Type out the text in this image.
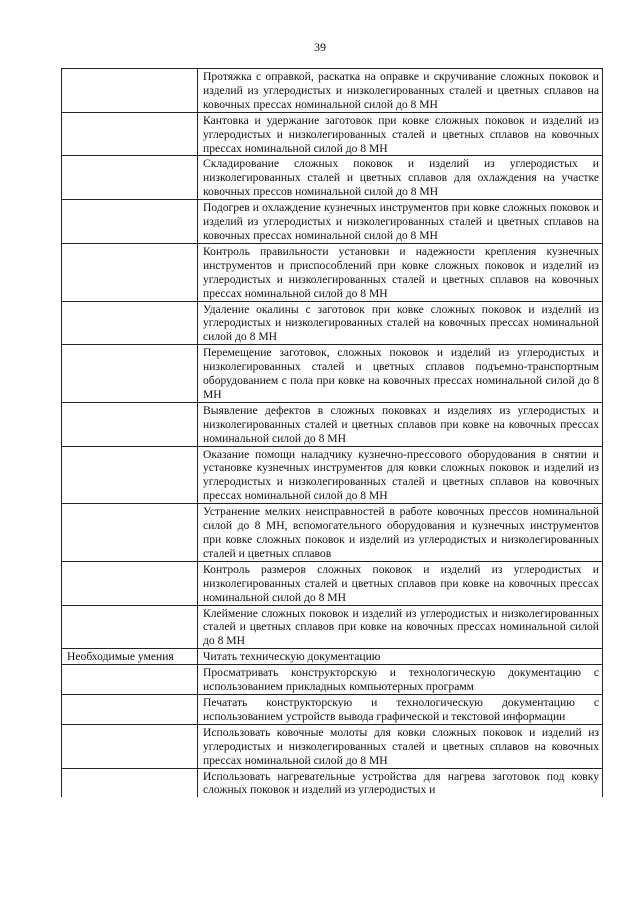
39
	Протяжка с оправкой, раскатка на оправке и скручивание сложных поковок и изделий из углеродистых и низколегированных сталей и цветных сплавов на ковочных прессах номинальной силой до 8 МН
	Кантовка и удержание заготовок при ковке сложных поковок и изделий из углеродистых и низколегированных сталей и цветных сплавов на ковочных прессах номинальной силой до 8 МН
	Складирование сложных поковок и изделий из углеродистых и низколегированных сталей и цветных сплавов для охлаждения на участке ковочных прессов номинальной силой до 8 МН
	Подогрев и охлаждение кузнечных инструментов при ковке сложных поковок и изделий из углеродистых и низколегированных сталей и цветных сплавов на ковочных прессах номинальной силой до 8 МН
	Контроль правильности установки и надежности крепления кузнечных инструментов и приспособлений при ковке сложных поковок и изделий из углеродистых и низколегированных сталей и цветных сплавов на ковочных прессах номинальной силой до 8 МН
	Удаление окалины с заготовок при ковке сложных поковок и изделий из углеродистых и низколегированных сталей на ковочных прессах номинальной силой до 8 МН
	Перемещение заготовок, сложных поковок и изделий из углеродистых и низколегированных сталей и цветных сплавов подъемно-транспортным оборудованием с пола при ковке на ковочных прессах номинальной силой до 8 МН
	Выявление дефектов в сложных поковках и изделиях из углеродистых и низколегированных сталей и цветных сплавов при ковке на ковочных прессах номинальной силой до 8 МН
	Оказание помощи наладчику кузнечно-прессового оборудования в снятии и установке кузнечных инструментов для ковки сложных поковок и изделий из углеродистых и низколегированных сталей и цветных сплавов на ковочных прессах номинальной силой до 8 МН
	Устранение мелких неисправностей в работе ковочных прессов номинальной силой до 8 МН, вспомогательного оборудования и кузнечных инструментов при ковке сложных поковок и изделий из углеродистых и низколегированных сталей и цветных сплавов
	Контроль размеров сложных поковок и изделий из углеродистых и низколегированных сталей и цветных сплавов при ковке на ковочных прессах номинальной силой до 8 МН
	Клеймение сложных поковок и изделий из углеродистых и низколегированных сталей и цветных сплавов при ковке на ковочных прессах номинальной силой до 8 МН
Необходимые умения	Читать техническую документацию
	Просматривать конструкторскую и технологическую документацию с использованием прикладных компьютерных программ
	Печатать конструкторскую и технологическую документацию с использованием устройств вывода графической и текстовой информации
	Использовать ковочные молоты для ковки сложных поковок и изделий из углеродистых и низколегированных сталей и цветных сплавов на ковочных прессах номинальной силой до 8 МН
	Использовать нагревательные устройства для нагрева заготовок под ковку сложных поковок и изделий из углеродистых и
